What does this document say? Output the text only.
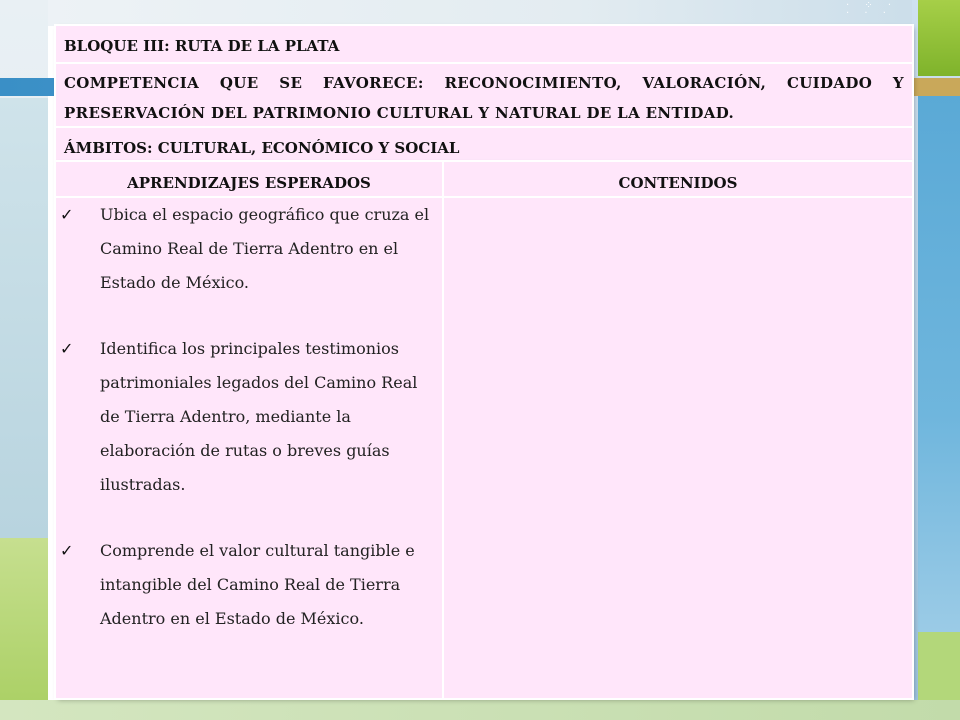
· ⁘ ·
· · ·
BLOQUE III: RUTA DE LA PLATA
COMPETENCIA QUE SE FAVORECE: RECONOCIMIENTO, VALORACIÓN, CUIDADO Y PRESERVACIÓN DEL PATRIMONIO CULTURAL Y NATURAL DE LA ENTIDAD.
ÁMBITOS: CULTURAL, ECONÓMICO Y SOCIAL
APRENDIZAJES ESPERADOS	CONTENIDOS
✓ Ubica el espacio geográfico que cruza el Camino Real de Tierra Adentro en el Estado de México.
✓ Identifica los principales testimonios patrimoniales legados del Camino Real de Tierra Adentro, mediante la elaboración de rutas o breves guías ilustradas.
✓ Comprende el valor cultural tangible e intangible del Camino Real de Tierra Adentro en el Estado de México.
